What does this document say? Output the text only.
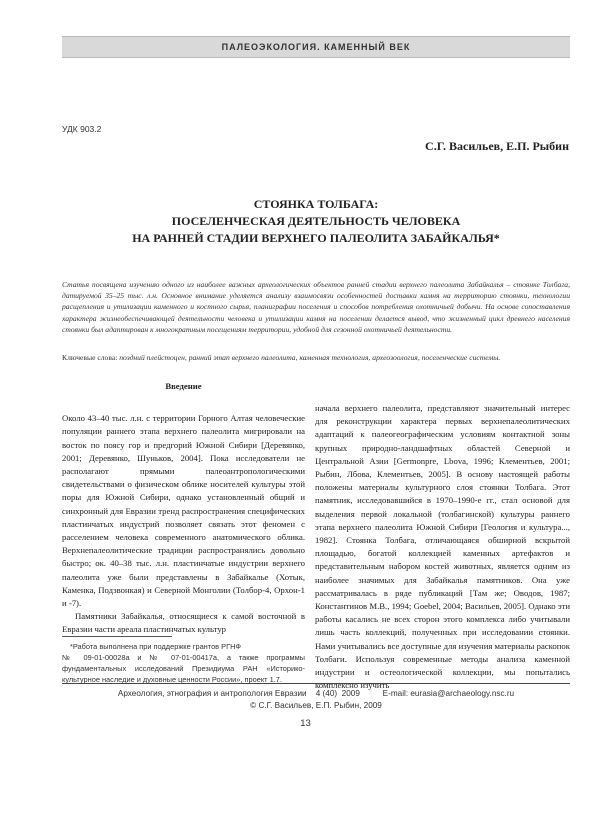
ПАЛЕОЭКОЛОГИЯ. КАМЕННЫЙ ВЕК
УДК 903.2
С.Г. Васильев, Е.П. Рыбин
СТОЯНКА ТОЛБАГА:
ПОСЕЛЕНЧЕСКАЯ ДЕЯТЕЛЬНОСТЬ ЧЕЛОВЕКА
НА РАННЕЙ СТАДИИ ВЕРХНЕГО ПАЛЕОЛИТА ЗАБАЙКАЛЬЯ*
Статья посвящена изучению одного из наиболее важных археологических объектов ранней стадии верхнего палеолита Забайкалья – стоянке Толбага, датируемой 35–25 тыс. л.н. Основное внимание уделяется анализу взаимосвязи особенностей доставки камня на территорию стоянки, технологии расщепления и утилизации каменного и костного сырья, планиграфии поселения и способов потребления охотничьей добычи. На основе сопоставления характера жизнеобеспечивающей деятельности человека и утилизации камня на поселении делается вывод, что жизненный цикл древнего населения стоянки был адаптирован к многократным посещениям территории, удобной для сезонной охотничьей деятельности.
Ключевые слова: поздний плейстоцен, ранний этап верхнего палеолита, каменная технология, археозоология, поселенческие системы.
Введение

Около 43–40 тыс. л.н. с территории Горного Алтая человеческие популяции раннего этапа верхнего палеолита мигрировали на восток по поясу гор и предгорий Южной Сибири [Деревянко, 2001; Деревянко, Шуньков, 2004]. Пока исследователи не располагают прямыми палеоантропологическими свидетельствами о физическом облике носителей культуры этой поры для Южной Сибири, однако установленный общий и синхронный для Евразии тренд распространения специфических пластинчатых индустрий позволяет связать этот феномен с расселением человека современного анатомического облика. Верхнепалеолитические традиции распространялись довольно быстро; ок. 40–38 тыс. л.н. пластинчатые индустрии верхнего палеолита уже были представлены в Забайкалье (Хотык, Каменка, Подзвонкая) и Северной Монголии (Толбор-4, Орхон-1 и -7).

Памятники Забайкалья, относящиеся к самой восточной в Евразии части ареала пластинчатых культур

начала верхнего палеолита, представляют значительный интерес для реконструкции характера первых верхнепалеолитических адаптаций к палеогеографическим условиям контактной зоны крупных природно-ландшафтных областей Северной и Центральной Азии [Germonpre, Lbova, 1996; Клементьев, 2001; Рыбин, Лбова, Клементьев, 2005]. В основу настоящей работы положены материалы культурного слоя стоянки Толбага. Этот памятник, исследовавшийся в 1970–1990-е гг., стал основой для выделения первой локальной (толбагинской) культуры раннего этапа верхнего палеолита Южной Сибири [Геология и культура..., 1982]. Стоянка Толбага, отличающаяся обширной вскрытой площадью, богатой коллекцией каменных артефактов и представительным набором костей животных, является одним из наиболее значимых для Забайкалья памятников. Она уже рассматривалась в ряде публикаций [Там же; Оводов, 1987; Константинов М.В., 1994; Goebel, 2004; Васильев, 2005]. Однако эти работы касались не всех сторон этого комплекса либо учитывали лишь часть коллекций, полученных при исследовании стоянки. Нами учитывались все доступные для изучения материалы раскопок Толбаги. Используя современные методы анализа каменной индустрии и остеологической коллекции, мы попытались комплексно изучить

*Работа выполнена при поддержке грантов РГНФ
№ 09-01-00028а и № 07-01-00417а, а также программы фундаментальных исследований Президиума РАН «Историко-культурное наследие и духовные ценности России», проект 1.7.
Археология, этнография и антропология Евразии    4 (40)  2009          E-mail: eurasia@archaeology.nsc.ru
© С.Г. Васильев, Е.П. Рыбин, 2009
13
